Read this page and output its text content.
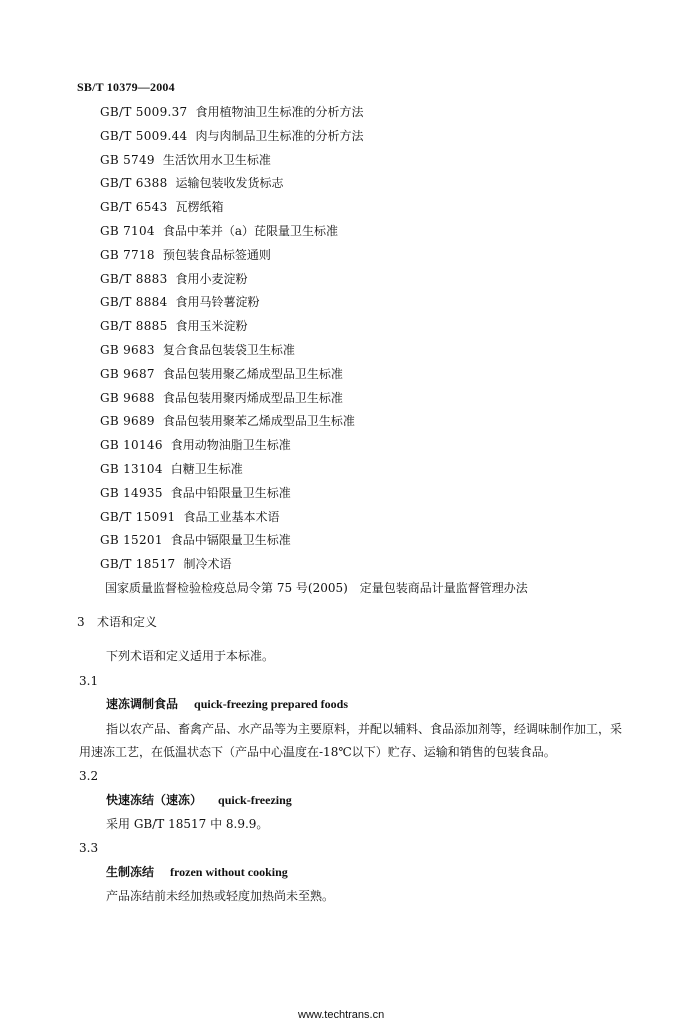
SB/T 10379—2004
GB/T 5009.37 食用植物油卫生标准的分析方法
GB/T 5009.44 肉与肉制品卫生标准的分析方法
GB 5749 生活饮用水卫生标准
GB/T 6388 运输包装收发货标志
GB/T 6543 瓦楞纸箱
GB 7104 食品中苯并（a）芘限量卫生标准
GB 7718 预包装食品标签通则
GB/T 8883 食用小麦淀粉
GB/T 8884 食用马铃薯淀粉
GB/T 8885 食用玉米淀粉
GB 9683 复合食品包装袋卫生标准
GB 9687 食品包装用聚乙烯成型品卫生标准
GB 9688 食品包装用聚丙烯成型品卫生标准
GB 9689 食品包装用聚苯乙烯成型品卫生标准
GB 10146 食用动物油脂卫生标准
GB 13104 白糖卫生标准
GB 14935 食品中铅限量卫生标准
GB/T 15091 食品工业基本术语
GB 15201 食品中镉限量卫生标准
GB/T 18517 制冷术语
国家质量监督检验检疫总局令第 75 号(2005)　定量包装商品计量监督管理办法
3 术语和定义
下列术语和定义适用于本标准。
3.1
速冻调制食品 quick-freezing prepared foods
指以农产品、畜禽产品、水产品等为主要原料，并配以辅料、食品添加剂等，经调味制作加工，采
用速冻工艺，在低温状态下（产品中心温度在-18℃以下）贮存、运输和销售的包装食品。
3.2
快速冻结（速冻） quick-freezing
采用 GB/T 18517 中 8.9.9。
3.3
生制冻结 frozen without cooking
产品冻结前未经加热或轻度加热尚未至熟。
www.techtrans.cn
